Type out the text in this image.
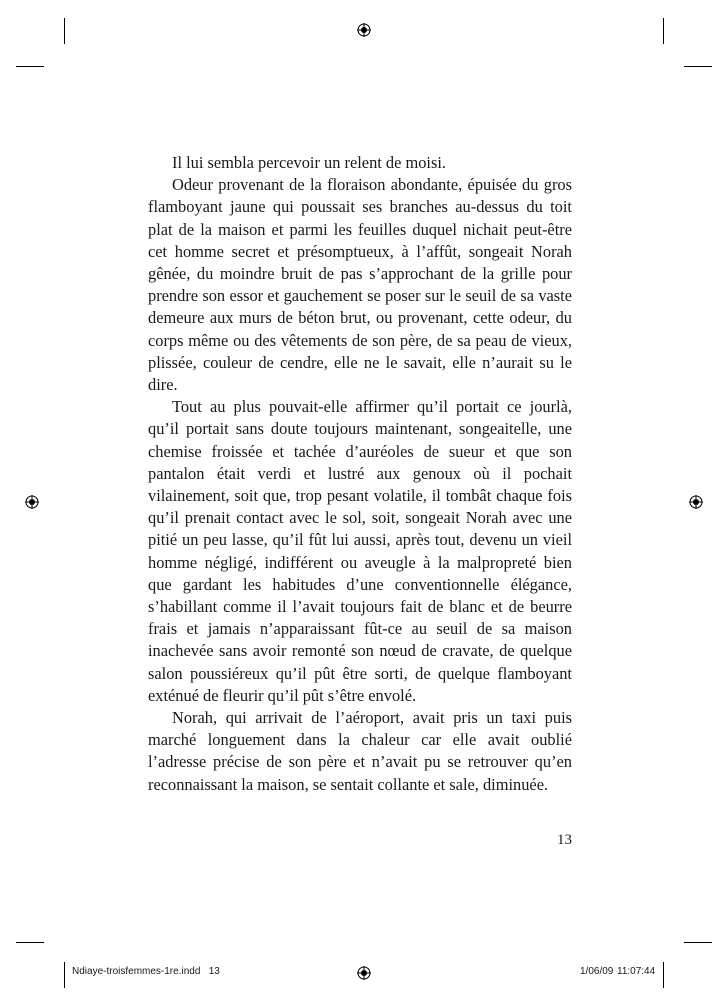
Il lui sembla percevoir un relent de moisi.

Odeur provenant de la floraison abondante, épuisée du gros flamboyant jaune qui poussait ses branches au-dessus du toit plat de la maison et parmi les feuilles duquel nichait peut-être cet homme secret et présomptueux, à l’affût, songeait Norah gênée, du moindre bruit de pas s’approchant de la grille pour prendre son essor et gauchement se poser sur le seuil de sa vaste demeure aux murs de béton brut, ou provenant, cette odeur, du corps même ou des vêtements de son père, de sa peau de vieux, plissée, couleur de cendre, elle ne le savait, elle n’aurait su le dire.

Tout au plus pouvait-elle affirmer qu’il portait ce jourlà, qu’il portait sans doute toujours maintenant, songeaitelle, une chemise froissée et tachée d’auréoles de sueur et que son pantalon était verdi et lustré aux genoux où il pochait vilainement, soit que, trop pesant volatile, il tombât chaque fois qu’il prenait contact avec le sol, soit, songeait Norah avec une pitié un peu lasse, qu’il fût lui aussi, après tout, devenu un vieil homme négligé, indifférent ou aveugle à la malpropreté bien que gardant les habitudes d’une conventionnelle élégance, s’habillant comme il l’avait toujours fait de blanc et de beurre frais et jamais n’apparaissant fût-ce au seuil de sa maison inachevée sans avoir remonté son nœud de cravate, de quelque salon poussiéreux qu’il pût être sorti, de quelque flamboyant exténué de fleurir qu’il pût s’être envolé.

Norah, qui arrivait de l’aéroport, avait pris un taxi puis marché longuement dans la chaleur car elle avait oublié l’adresse précise de son père et n’avait pu se retrouver qu’en reconnaissant la maison, se sentait collante et sale, diminuée.

13
Ndiaye-troisfemmes-1re.indd   13	1/06/09 11:07:44
